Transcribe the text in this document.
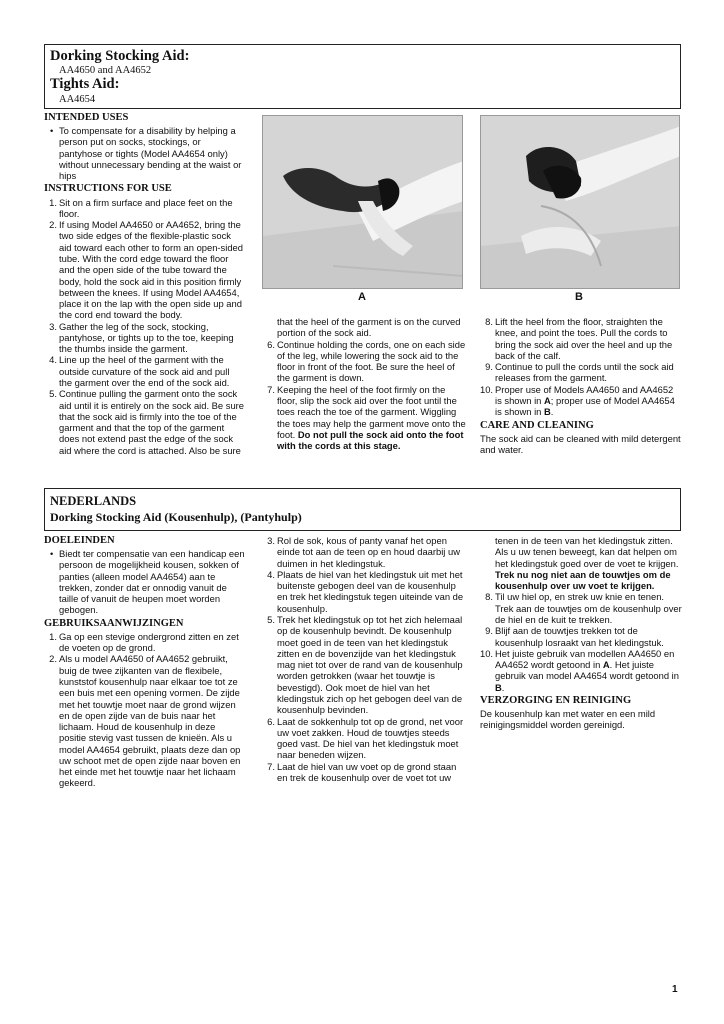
Dorking Stocking Aid:
AA4650 and AA4652
Tights Aid:
AA4654
INTENDED USES
• To compensate for a disability by helping a person put on socks, stockings, or pantyhose or tights (Model AA4654 only) without unnecessary bending at the waist or hips
INSTRUCTIONS FOR USE
1. Sit on a firm surface and place feet on the floor.
2. If using Model AA4650 or AA4652, bring the two side edges of the flexible-plastic sock aid toward each other to form an open-sided tube. With the cord edge toward the floor and the open side of the tube toward the body, hold the sock aid in this position firmly between the knees. If using Model AA4654, place it on the lap with the open side up and the cord end toward the body.
3. Gather the leg of the sock, stocking, pantyhose, or tights up to the toe, keeping the thumbs inside the garment.
4. Line up the heel of the garment with the outside curvature of the sock aid and pull the garment over the end of the sock aid.
5. Continue pulling the garment onto the sock aid until it is entirely on the sock aid. Be sure that the sock aid is firmly into the toe of the garment and that the top of the garment does not extend past the edge of the sock aid where the cord is attached. Also be sure
A	B

that the heel of the garment is on the curved portion of the sock aid.

6. Continue holding the cords, one on each side of the leg, while lowering the sock aid to the floor in front of the foot. Be sure the heel of the garment is down.
7. Keeping the heel of the foot firmly on the floor, slip the sock aid over the foot until the toes reach the toe of the garment. Wiggling the toes may help the garment move onto the foot. Do not pull the sock aid onto the foot with the cords at this stage.
8. Lift the heel from the floor, straighten the knee, and point the toes. Pull the cords to bring the sock aid over the heel and up the back of the calf.
9. Continue to pull the cords until the sock aid releases from the garment.
10. Proper use of Models AA4650 and AA4652 is shown in A; proper use of Model AA4654 is shown in B.
CARE AND CLEANING

The sock aid can be cleaned with mild detergent and water.

NEDERLANDS
Dorking Stocking Aid (Kousenhulp), (Pantyhulp)
DOELEINDEN
• Biedt ter compensatie van een handicap een persoon de mogelijkheid kousen, sokken of panties (alleen model AA4654) aan te trekken, zonder dat er onnodig vanuit de taille of vanuit de heupen moet worden gebogen.
GEBRUIKSAANWIJZINGEN
1. Ga op een stevige ondergrond zitten en zet de voeten op de grond.
2. Als u model AA4650 of AA4652 gebruikt, buig de twee zijkanten van de flexibele, kunststof kousenhulp naar elkaar toe tot ze een buis met een opening vormen. De zijde met het touwtje moet naar de grond wijzen en de open zijde van de buis naar het lichaam. Houd de kousenhulp in deze positie stevig vast tussen de knieën. Als u model AA4654 gebruikt, plaats deze dan op uw schoot met de open zijde naar boven en het einde met het touwtje naar het lichaam gekeerd.
3. Rol de sok, kous of panty vanaf het open einde tot aan de teen op en houd daarbij uw duimen in het kledingstuk.
4. Plaats de hiel van het kledingstuk uit met het buitenste gebogen deel van de kousenhulp en trek het kledingstuk tegen uiteinde van de kousenhulp.
5. Trek het kledingstuk op tot het zich helemaal op de kousenhulp bevindt. De kousenhulp moet goed in de teen van het kledingstuk zitten en de bovenzijde van het kledingstuk mag niet tot over de rand van de kousenhulp worden getrokken (waar het touwtje is bevestigd). Ook moet de hiel van het kledingstuk zich op het gebogen deel van de kousenhulp bevinden.
6. Laat de sokkenhulp tot op de grond, net voor uw voet zakken. Houd de touwtjes steeds goed vast. De hiel van het kledingstuk moet naar beneden wijzen.
7. Laat de hiel van uw voet op de grond staan en trek de kousenhulp over de voet tot uw

tenen in de teen van het kledingstuk zitten. Als u uw tenen beweegt, kan dat helpen om het kledingstuk goed over de voet te krijgen. Trek nu nog niet aan de touwtjes om de kousenhulp over uw voet te krijgen.

8. Til uw hiel op, en strek uw knie en tenen. Trek aan de touwtjes om de kousenhulp over de hiel en de kuit te trekken.
9. Blijf aan de touwtjes trekken tot de kousenhulp losraakt van het kledingstuk.
10. Het juiste gebruik van modellen AA4650 en AA4652 wordt getoond in A. Het juiste gebruik van model AA4654 wordt getoond in B.
VERZORGING EN REINIGING

De kousenhulp kan met water en een mild reinigingsmiddel worden gereinigd.

1
